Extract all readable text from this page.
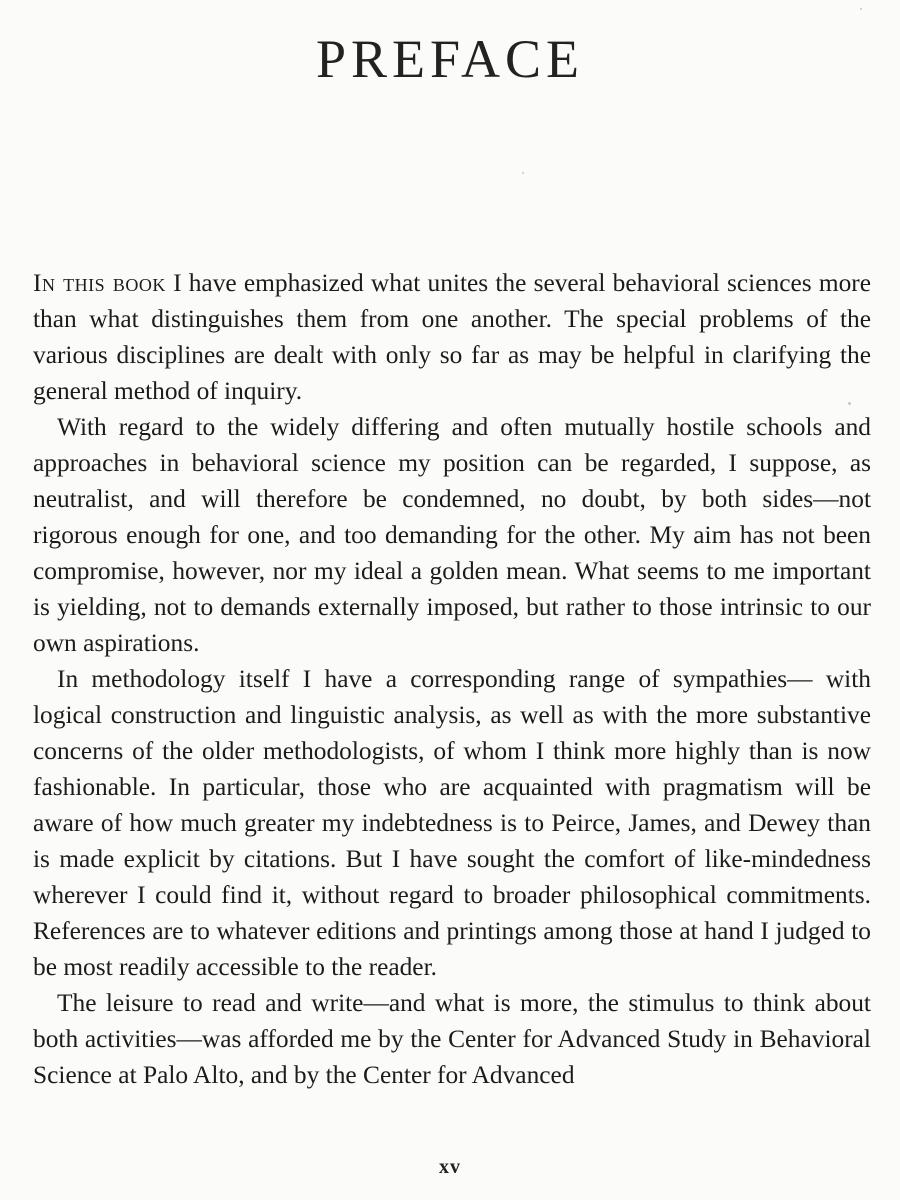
PREFACE

In this book I have emphasized what unites the several behavioral sciences more than what distinguishes them from one another. The special problems of the various disciplines are dealt with only so far as may be helpful in clarifying the general method of inquiry.

With regard to the widely differing and often mutually hostile schools and approaches in behavioral science my position can be regarded, I suppose, as neutralist, and will therefore be condemned, no doubt, by both sides—not rigorous enough for one, and too demanding for the other. My aim has not been compromise, however, nor my ideal a golden mean. What seems to me important is yielding, not to demands externally imposed, but rather to those intrinsic to our own aspirations.

In methodology itself I have a corresponding range of sympathies— with logical construction and linguistic analysis, as well as with the more substantive concerns of the older methodologists, of whom I think more highly than is now fashionable. In particular, those who are acquainted with pragmatism will be aware of how much greater my indebtedness is to Peirce, James, and Dewey than is made explicit by citations. But I have sought the comfort of like-mindedness wherever I could find it, without regard to broader philosophical commitments. References are to whatever editions and printings among those at hand I judged to be most readily accessible to the reader.

The leisure to read and write—and what is more, the stimulus to think about both activities—was afforded me by the Center for Advanced Study in Behavioral Science at Palo Alto, and by the Center for Advanced

xv
